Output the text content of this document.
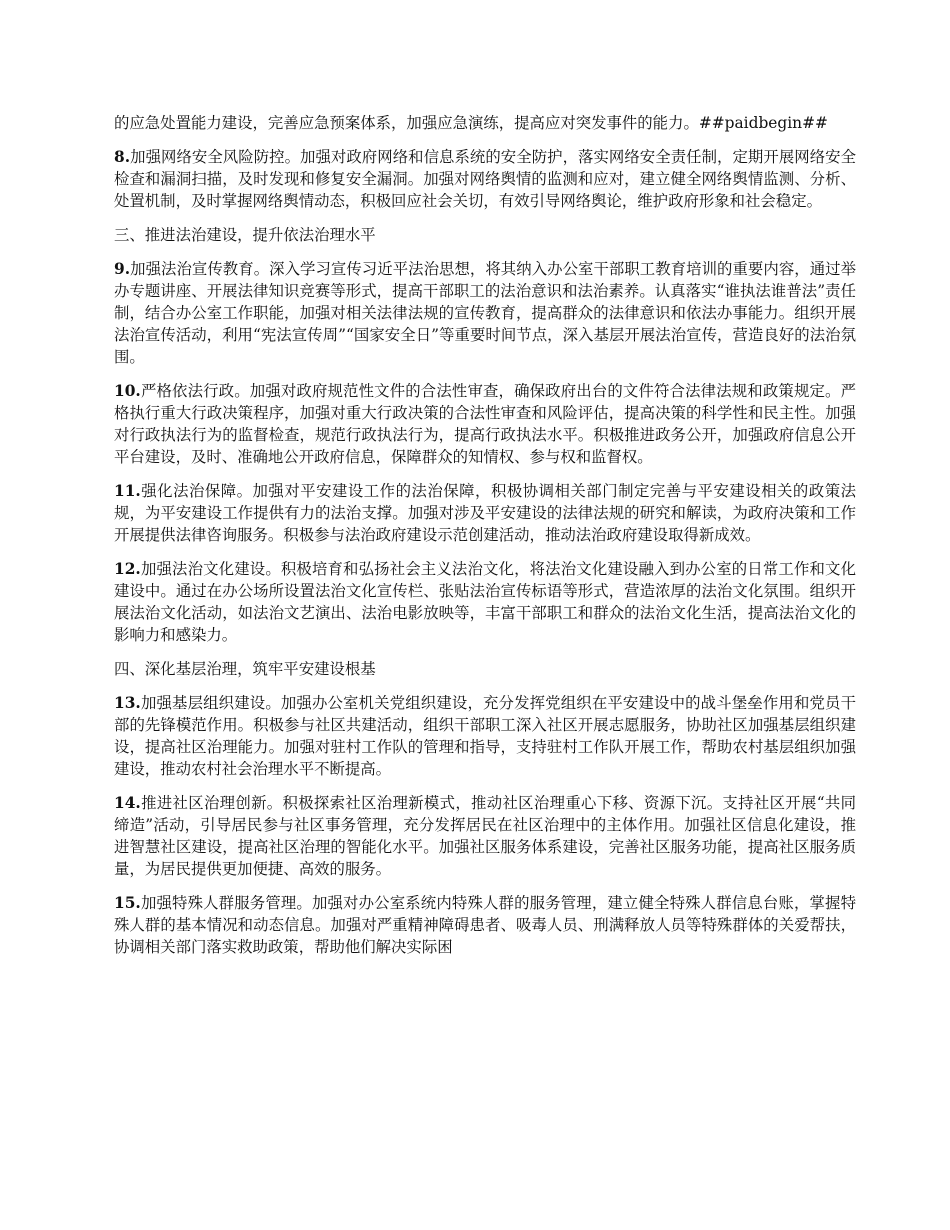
的应急处置能力建设，完善应急预案体系，加强应急演练，提高应对突发事件的能力。##paidbegin##

8.加强网络安全风险防控。加强对政府网络和信息系统的安全防护，落实网络安全责任制，定期开展网络安全检查和漏洞扫描，及时发现和修复安全漏洞。加强对网络舆情的监测和应对，建立健全网络舆情监测、分析、处置机制，及时掌握网络舆情动态，积极回应社会关切，有效引导网络舆论，维护政府形象和社会稳定。

三、推进法治建设，提升依法治理水平

9.加强法治宣传教育。深入学习宣传习近平法治思想，将其纳入办公室干部职工教育培训的重要内容，通过举办专题讲座、开展法律知识竞赛等形式，提高干部职工的法治意识和法治素养。认真落实“谁执法谁普法”责任制，结合办公室工作职能，加强对相关法律法规的宣传教育，提高群众的法律意识和依法办事能力。组织开展法治宣传活动，利用“宪法宣传周”“国家安全日”等重要时间节点，深入基层开展法治宣传，营造良好的法治氛围。

10.严格依法行政。加强对政府规范性文件的合法性审查，确保政府出台的文件符合法律法规和政策规定。严格执行重大行政决策程序，加强对重大行政决策的合法性审查和风险评估，提高决策的科学性和民主性。加强对行政执法行为的监督检查，规范行政执法行为，提高行政执法水平。积极推进政务公开，加强政府信息公开平台建设，及时、准确地公开政府信息，保障群众的知情权、参与权和监督权。

11.强化法治保障。加强对平安建设工作的法治保障，积极协调相关部门制定完善与平安建设相关的政策法规，为平安建设工作提供有力的法治支撑。加强对涉及平安建设的法律法规的研究和解读，为政府决策和工作开展提供法律咨询服务。积极参与法治政府建设示范创建活动，推动法治政府建设取得新成效。

12.加强法治文化建设。积极培育和弘扬社会主义法治文化，将法治文化建设融入到办公室的日常工作和文化建设中。通过在办公场所设置法治文化宣传栏、张贴法治宣传标语等形式，营造浓厚的法治文化氛围。组织开展法治文化活动，如法治文艺演出、法治电影放映等，丰富干部职工和群众的法治文化生活，提高法治文化的影响力和感染力。

四、深化基层治理，筑牢平安建设根基

13.加强基层组织建设。加强办公室机关党组织建设，充分发挥党组织在平安建设中的战斗堡垒作用和党员干部的先锋模范作用。积极参与社区共建活动，组织干部职工深入社区开展志愿服务，协助社区加强基层组织建设，提高社区治理能力。加强对驻村工作队的管理和指导，支持驻村工作队开展工作，帮助农村基层组织加强建设，推动农村社会治理水平不断提高。

14.推进社区治理创新。积极探索社区治理新模式，推动社区治理重心下移、资源下沉。支持社区开展“共同缔造”活动，引导居民参与社区事务管理，充分发挥居民在社区治理中的主体作用。加强社区信息化建设，推进智慧社区建设，提高社区治理的智能化水平。加强社区服务体系建设，完善社区服务功能，提高社区服务质量，为居民提供更加便捷、高效的服务。

15.加强特殊人群服务管理。加强对办公室系统内特殊人群的服务管理，建立健全特殊人群信息台账，掌握特殊人群的基本情况和动态信息。加强对严重精神障碍患者、吸毒人员、刑满释放人员等特殊群体的关爱帮扶，协调相关部门落实救助政策，帮助他们解决实际困
